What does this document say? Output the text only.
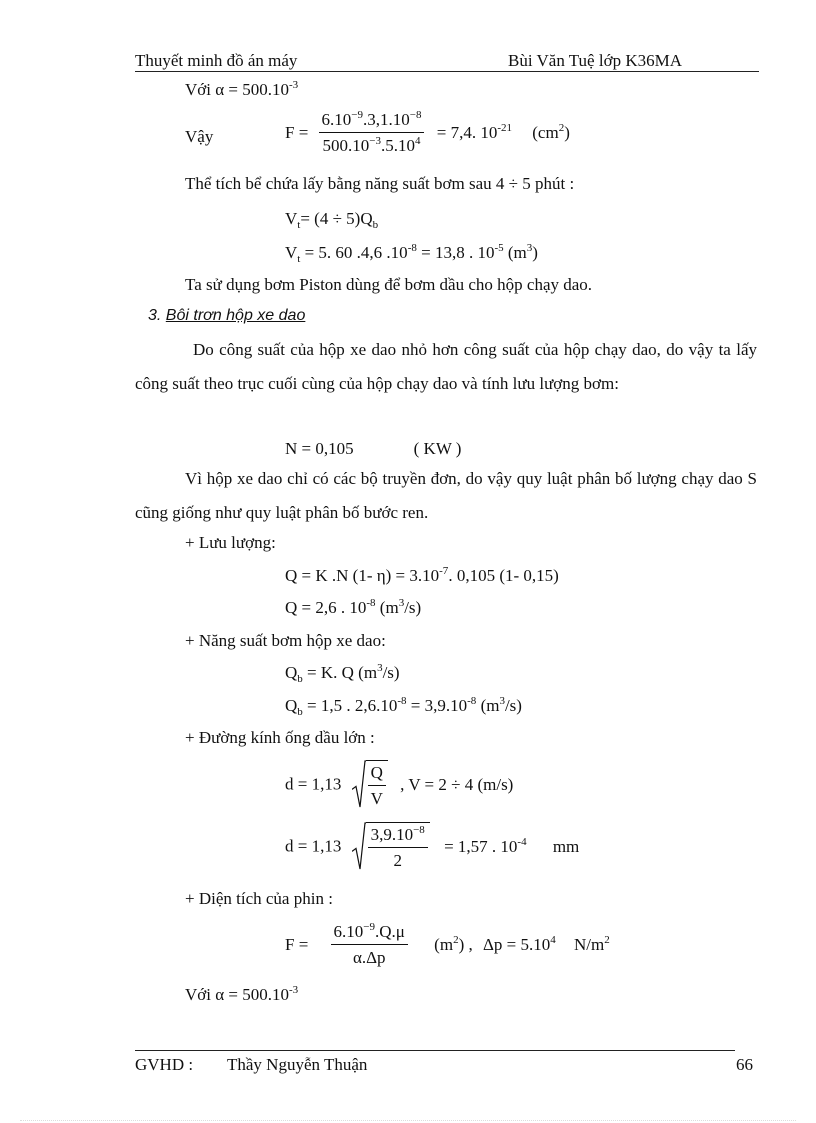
Thuyết minh đồ án máy	Bùi Văn Tuệ lớp K36MA
Với $\alpha = 500.10^{-3}$
Vậy	$F = \frac{6.10^{-9}.3,1.10^{-8}}{500.10^{-3}.5.10^4} = 7,4$. $10^{-21}$ $(cm^2)$
Thể tích bể chứa lấy bằng năng suất bơm sau 4 ÷ 5 phút :
$V_t= (4 \div 5)Q_b$
$V_t = 5$. 60 .4,6 $.10^{-8} = 13,8$ . $10^{-5}$ $(m^3)$
Ta sử dụng bơm Piston dùng để bơm dầu cho hộp chạy dao.
3. Bôi trơn hộp xe dao
Do công suất của hộp xe dao nhỏ hơn công suất của hộp chạy dao, do vậy ta lấy công suất theo trục cuối cùng của hộp chạy dao và tính lưu lượng bơm:
N = 0,105	( KW )
Vì hộp xe dao chỉ có các bộ truyền đơn, do vậy quy luật phân bố lượng chạy dao S cũng giống như quy luật phân bố bước ren.
+ Lưu lượng:
Q = K .N (1- $\eta) = 3.10^{-7}$. 0,105 (1- 0,15)
Q = 2,6 . $10^{-8}$ $(m^3/s)$
+ Năng suất bơm hộp xe dao:
$Q_b = K$. Q $(m^3/s)$
$Q_b = 1,5$ . $2,6.10^{-8} = 3,9.10^{-8}$ $(m^3/s)$
+ Đường kính ống dầu lớn :
$d = 1,13 \frac{Q}{V}$ , V = 2 ÷ 4 (m/s)
$d = 1,13 \frac{3,9.10^{-8}}{2} = 1,57$ . $10^{-4}$ mm
+ Diện tích của phin :
$F = \frac{6.10^{-9}.Q.\mu}{\alpha.\Delta p} (m^2)$ , $\Delta p = 5.10^4$ $N/m^2$
Với $\alpha = 500.10^{-3}$
GVHD : Thầy Nguyễn Thuận	66
